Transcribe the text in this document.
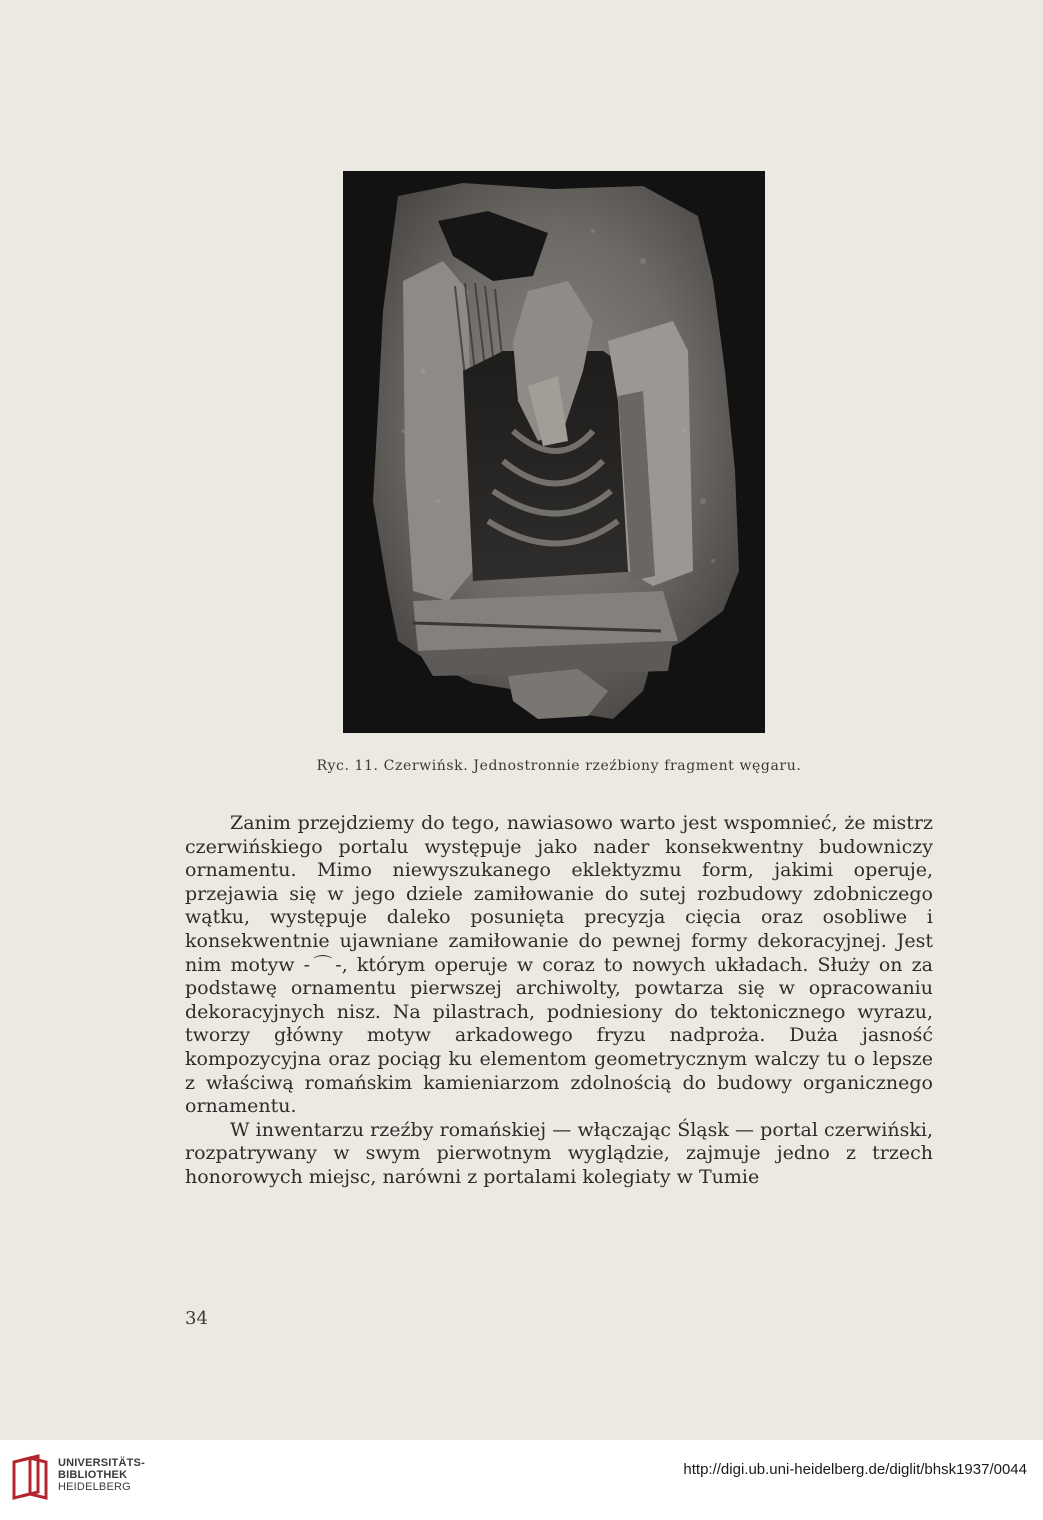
Ryc. 11. Czerwińsk. Jednostronnie rzeźbiony fragment węgaru.

Zanim przejdziemy do tego, nawiasowo warto jest wspomnieć, że mistrz czerwińskiego portalu występuje jako nader konsekwentny budowniczy ornamentu. Mimo niewyszukanego eklektyzmu form, jakimi operuje, przejawia się w jego dziele zamiłowanie do sutej rozbudowy zdobniczego wątku, występuje daleko posunięta precyzja cięcia oraz osobliwe i konsekwentnie ujawniane zamiłowanie do pewnej formy dekoracyjnej. Jest nim motyw -⌒-, którym operuje w coraz to nowych układach. Służy on za podstawę ornamentu pierwszej archiwolty, powtarza się w opracowaniu dekoracyjnych nisz. Na pilastrach, podniesiony do tektonicznego wyrazu, tworzy główny motyw arkadowego fryzu nadproża. Duża jasność kompozycyjna oraz pociąg ku elementom geometrycznym walczy tu o lepsze z właściwą romańskim kamieniarzom zdolnością do budowy organicznego ornamentu.

W inwentarzu rzeźby romańskiej — włączając Śląsk — portal czerwiński, rozpatrywany w swym pierwotnym wyglądzie, zajmuje jedno z trzech honorowych miejsc, narówni z portalami kolegiaty w Tumie

34
UNIVERSITÄTS-
BIBLIOTHEK
HEIDELBERG
http://digi.ub.uni-heidelberg.de/diglit/bhsk1937/0044
